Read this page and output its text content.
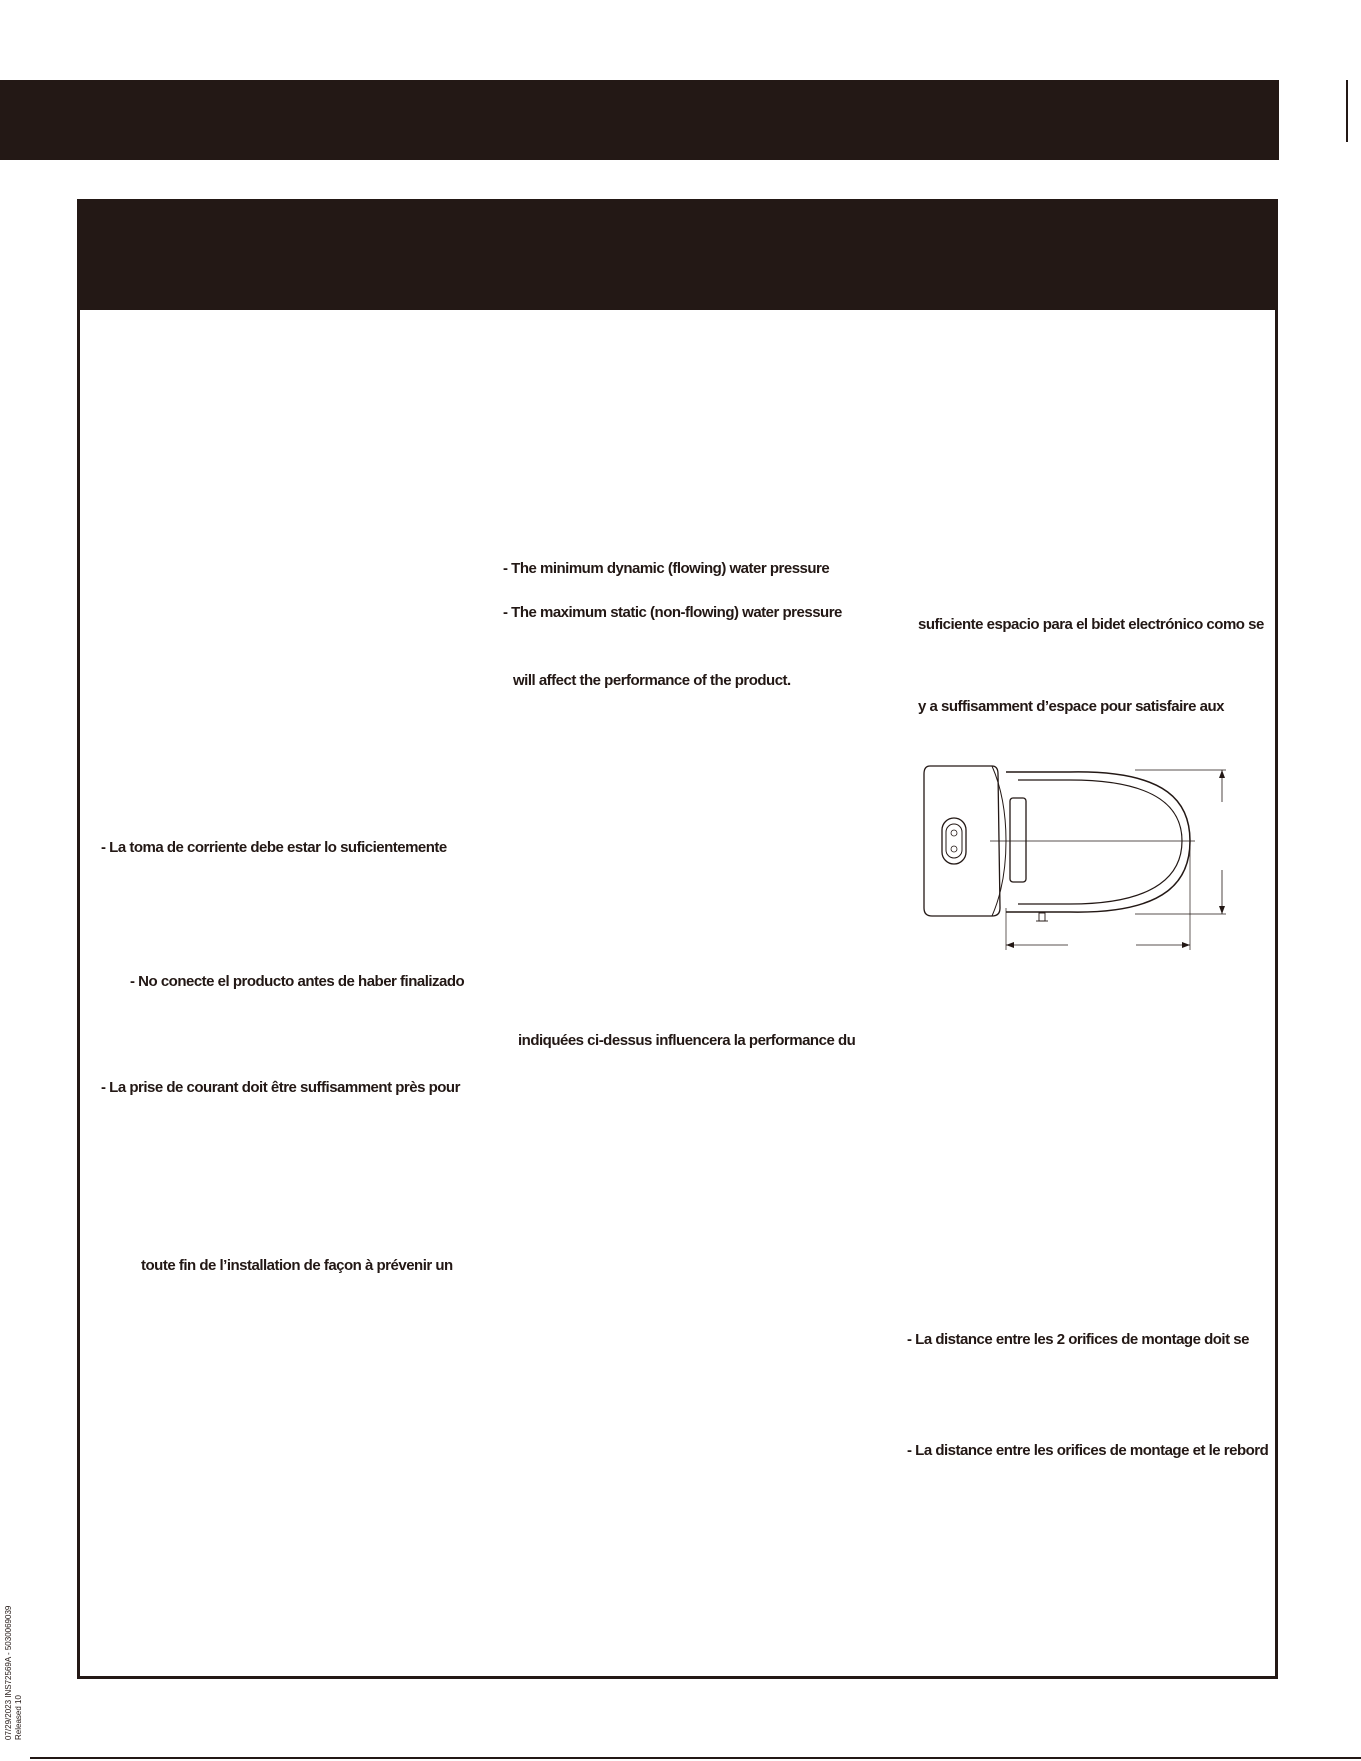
- La toma de corriente debe estar lo suficientemente

- No conecte el producto antes de haber finalizado

- La prise de courant doit être suffisamment près pour

toute fin de l’installation de façon à prévenir un

- The minimum dynamic (flowing) water pressure

- The maximum static (non-flowing) water pressure

will affect the performance of the product.

indiquées ci-dessus influencera la performance du

suficiente espacio para el bidet electrónico como se

y a suffisamment d’espace pour satisfaire aux

- La distance entre les 2 orifices de montage doit se

- La distance entre les orifices de montage et le rebord

07/29/2023 INS72569A - 5030069039 Released 10
